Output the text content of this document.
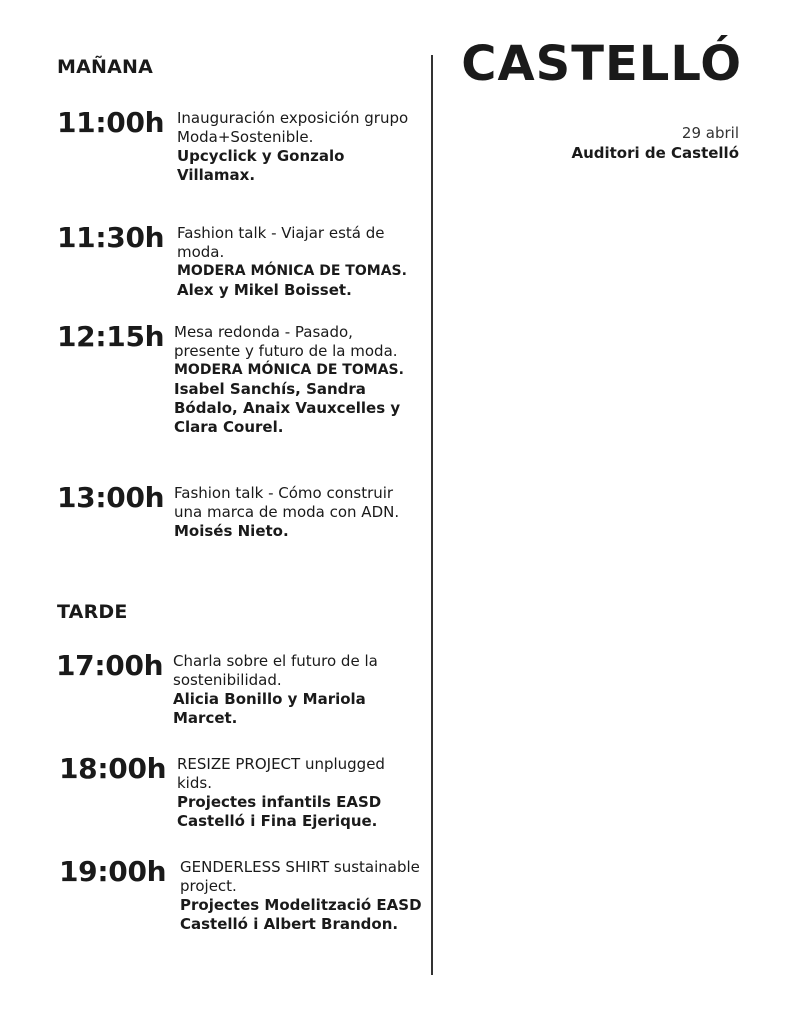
MAÑANA
11:00h Inauguración exposición grupo Moda+Sostenible.
Upcyclick y Gonzalo Villamax.
11:30h Fashion talk - Viajar está de moda.
MODERA MÓNICA DE TOMAS.
Alex y Mikel Boisset.
12:15h Mesa redonda - Pasado, presente y futuro de la moda.
MODERA MÓNICA DE TOMAS.
Isabel Sanchís, Sandra Bódalo, Anaix Vauxcelles y Clara Courel.
13:00h Fashion talk - Cómo construir una marca de moda con ADN.
Moisés Nieto.
TARDE
17:00h Charla sobre el futuro de la sostenibilidad.
Alicia Bonillo y Mariola Marcet.
18:00h RESIZE PROJECT unplugged kids.
Projectes infantils EASD Castelló i Fina Ejerique.
19:00h GENDERLESS SHIRT sustainable project.
Projectes Modelització EASD Castelló i Albert Brandon.
CASTELLÓ
29 abril
Auditori de Castelló
